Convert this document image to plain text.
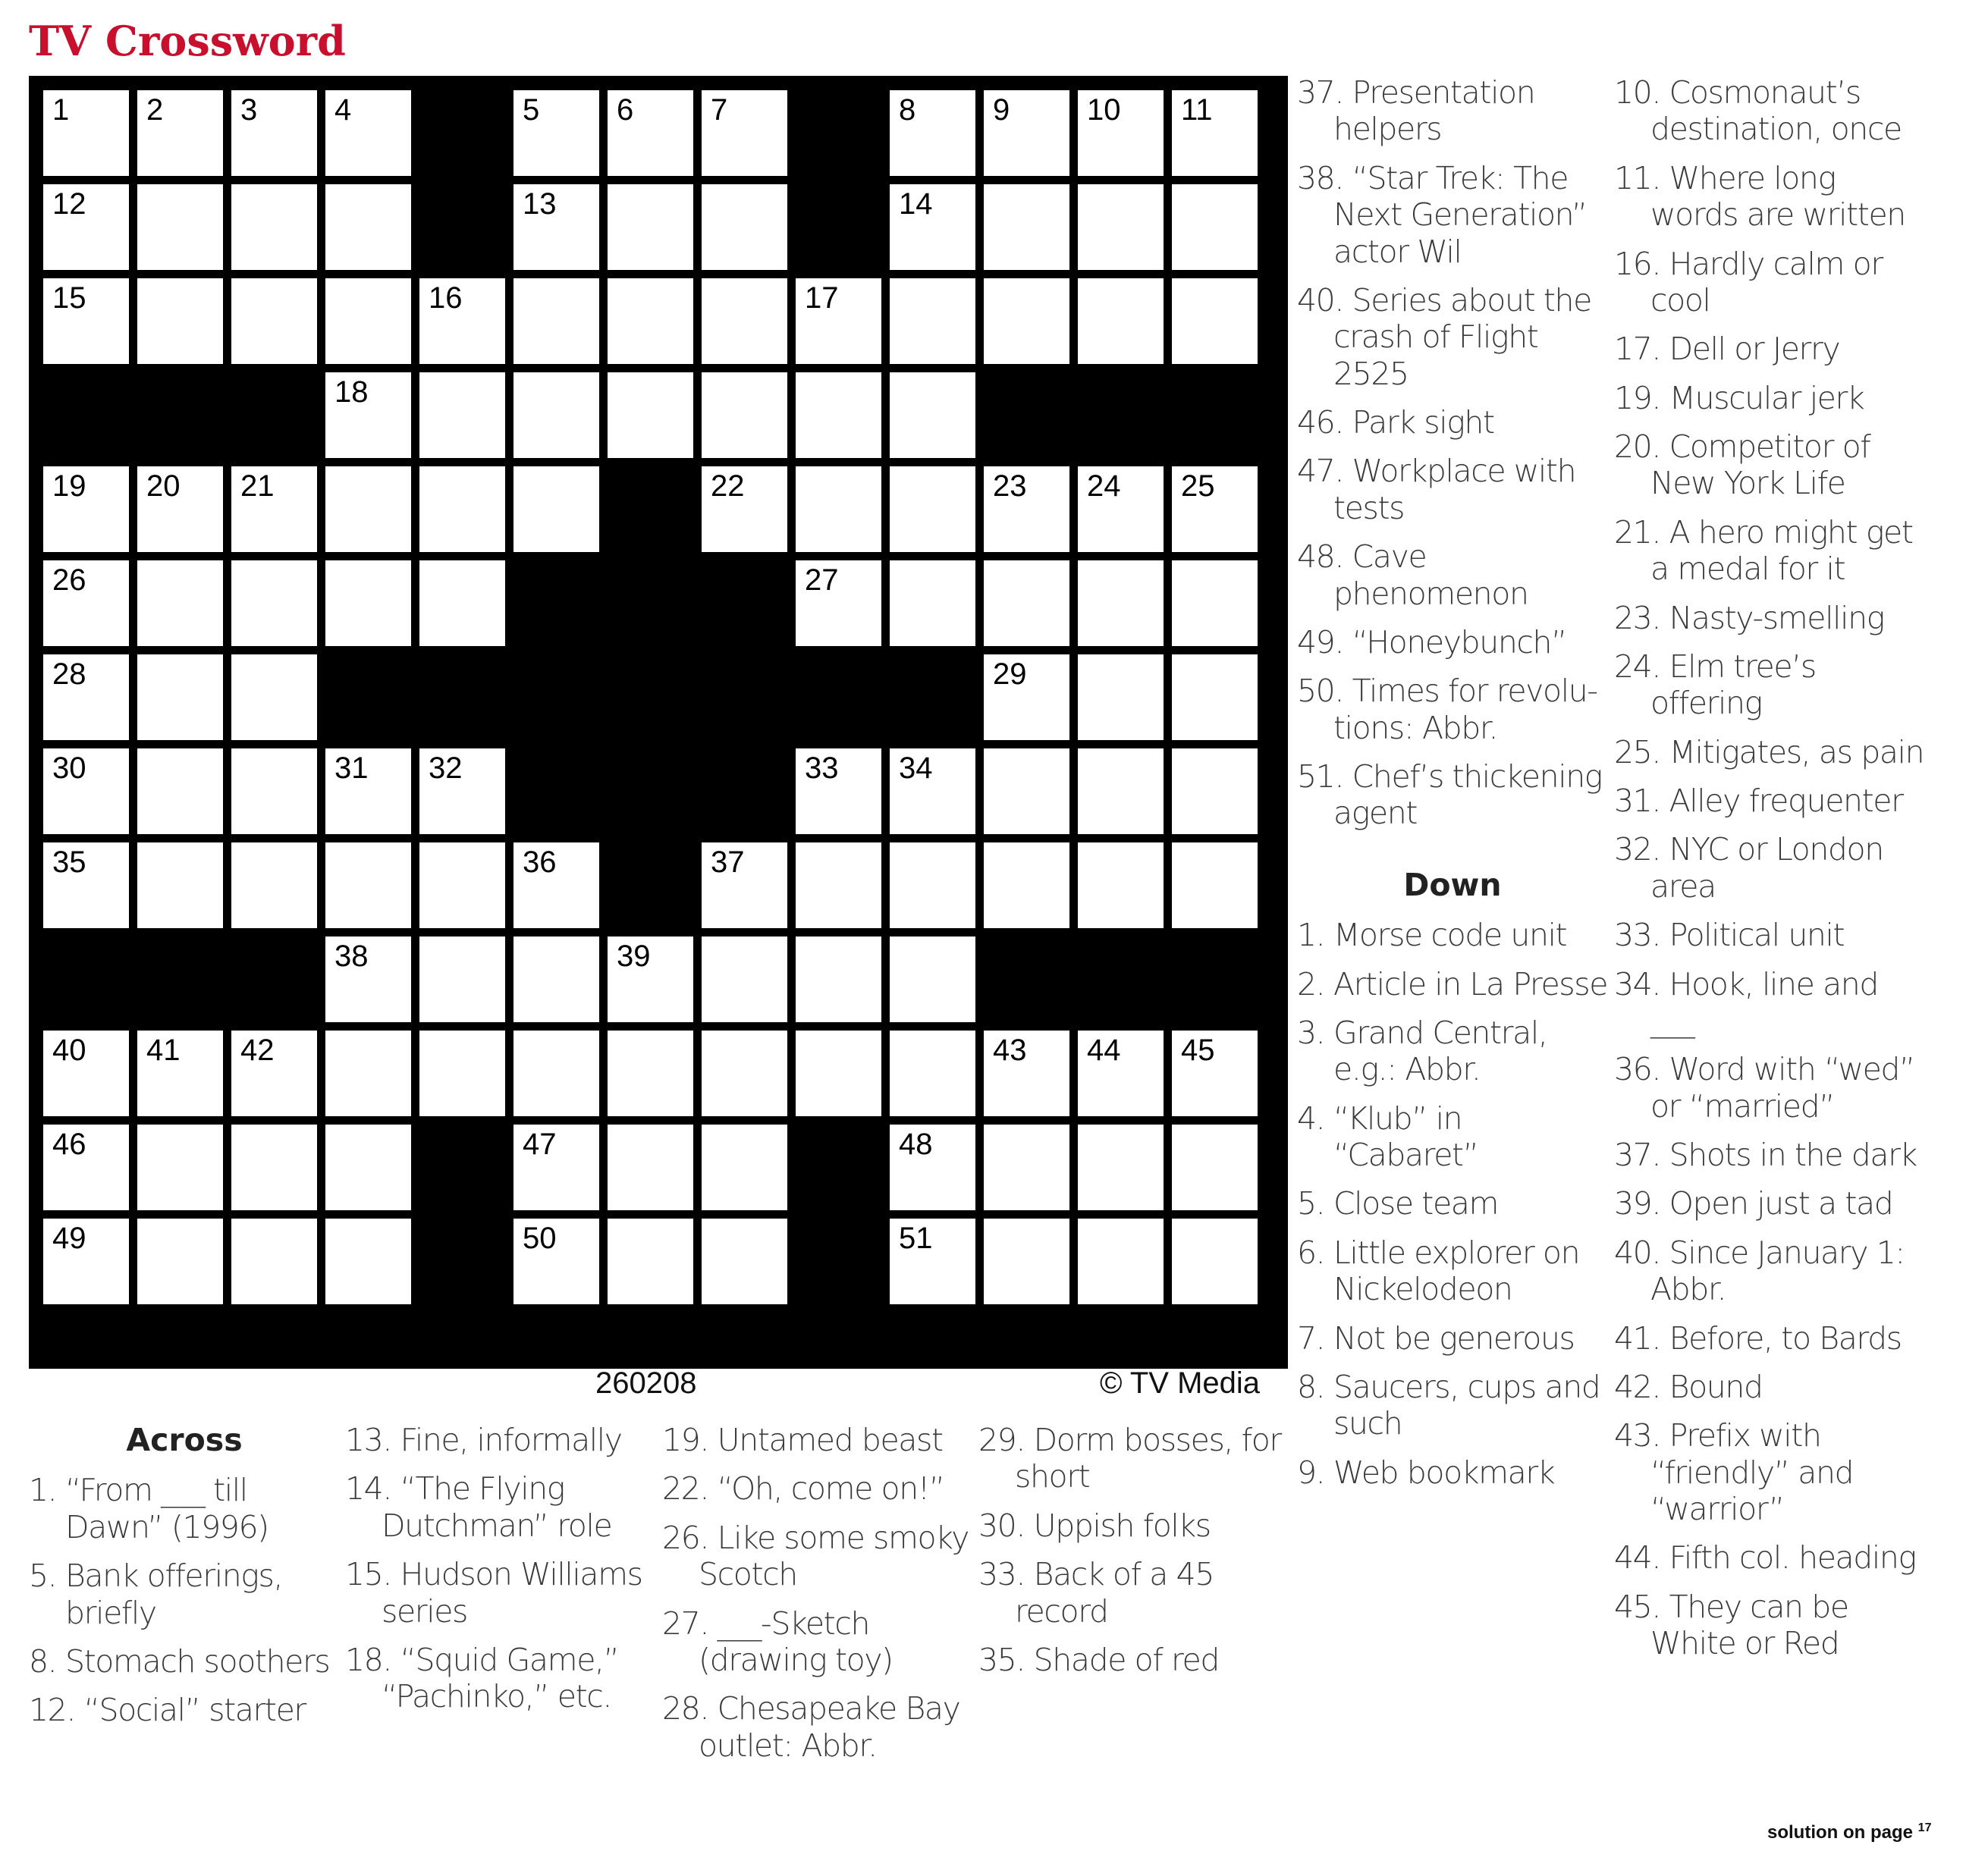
TV Crossword
1	2	3	4	5	6	7	8	9	10 11
12	13	14
15	16	17
18
19 20 21	22	23 24 25
26	27
28	29
30	31 32	33 34
35	36	37
38	39
40 41 42	43 44 45
46	47	48
49	50	51
260208	© TV Media
Across
1. “From ___ till Dawn” (1996)
5. Bank offerings, briefly
8. Stomach soothers
12. “Social” starter
13. Fine, informally
14. “The Flying Dutchman” role
15. Hudson Williams series
18. “Squid Game,” “Pachinko,” etc.
19. Untamed beast
22. “Oh, come on!”
26. Like some smoky Scotch
27. ___-Sketch (drawing toy)
28. Chesapeake Bay outlet: Abbr.
29. Dorm bosses, for short
30. Uppish folks
33. Back of a 45 record
35. Shade of red
37. Presentation helpers
38. “Star Trek: The Next Generation” actor Wil
40. Series about the crash of Flight 2525
46. Park sight
47. Workplace with tests
48. Cave phenomenon
49. “Honeybunch”
50. Times for revolu-tions: Abbr.
51. Chef’s thickening agent
Down
1. Morse code unit
2. Article in La Presse
3. Grand Central, e.g.: Abbr.
4. “Klub” in “Cabaret”
5. Close team
6. Little explorer on Nickelodeon
7. Not be generous
8. Saucers, cups and such
9. Web bookmark
10. Cosmonaut’s destination, once
11. Where long words are written
16. Hardly calm or cool
17. Dell or Jerry
19. Muscular jerk
20. Competitor of New York Life
21. A hero might get a medal for it
23. Nasty-smelling
24. Elm tree’s offering
25. Mitigates, as pain
31. Alley frequenter
32. NYC or London area
33. Political unit
34. Hook, line and ___
36. Word with “wed” or “married”
37. Shots in the dark
39. Open just a tad
40. Since January 1: Abbr.
41. Before, to Bards
42. Bound
43. Prefix with “friendly” and “warrior”
44. Fifth col. heading
45. They can be White or Red
solution on page $^{17}$
